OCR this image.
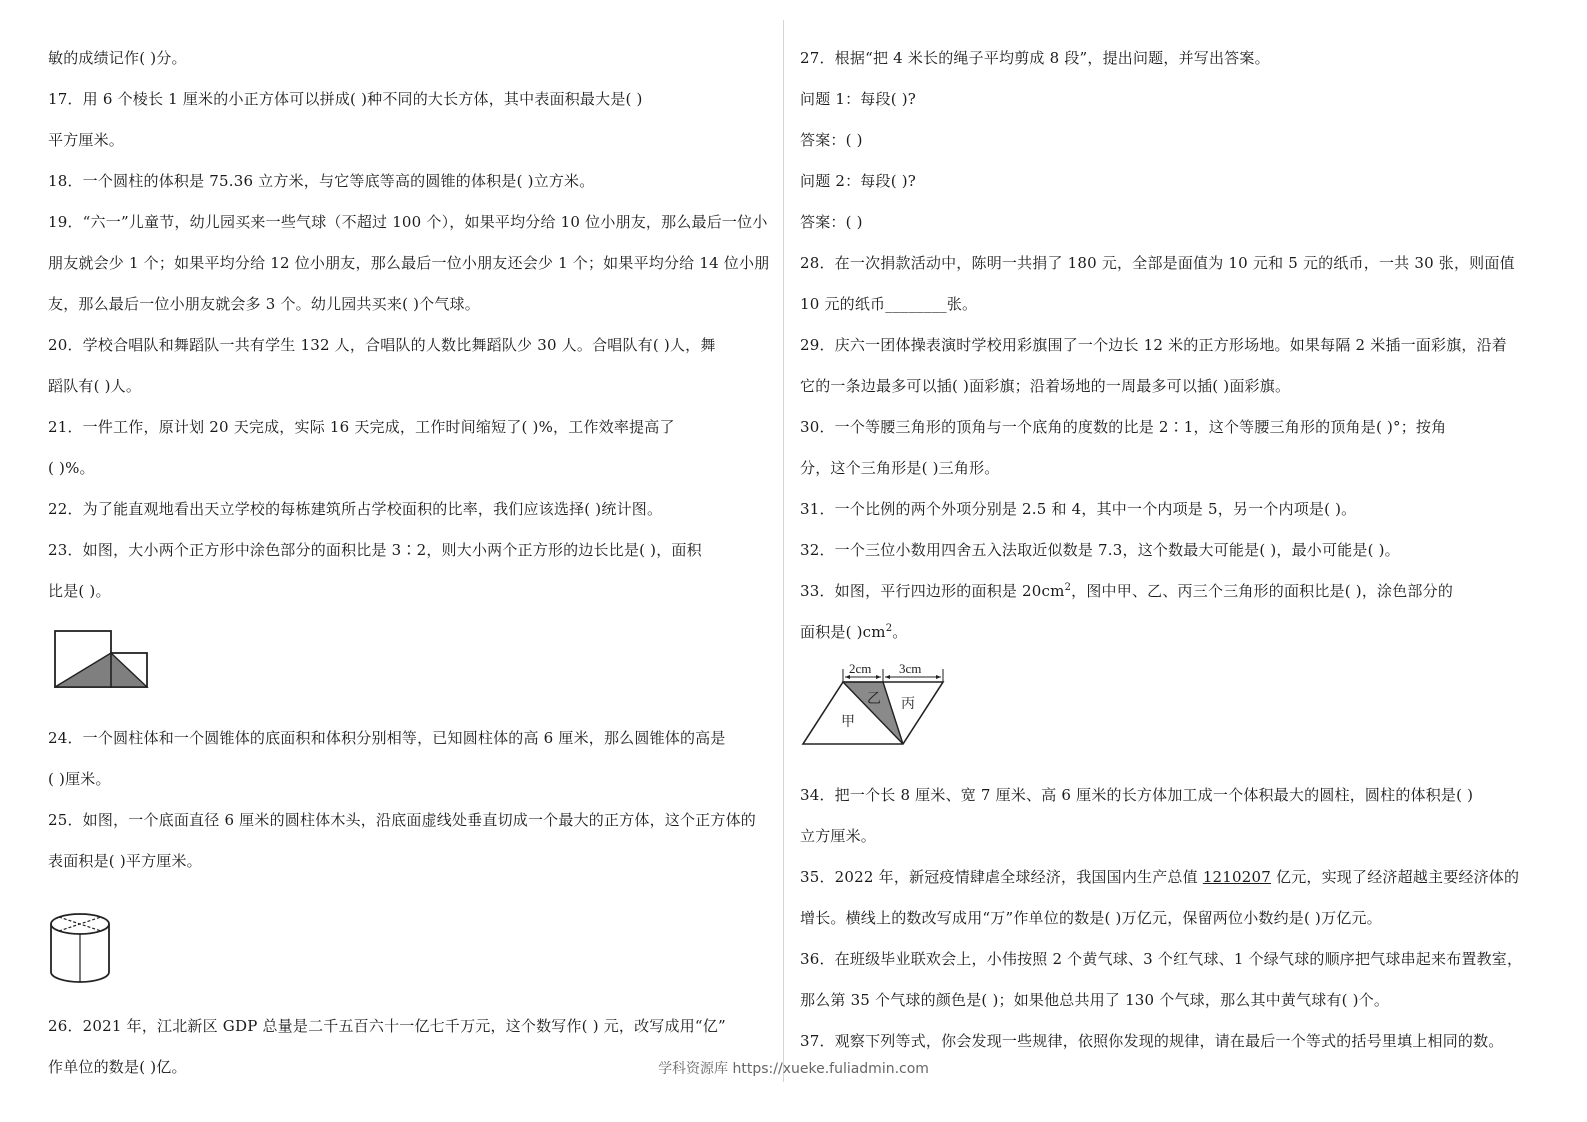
敏的成绩记作( )分。
17．用 6 个棱长 1 厘米的小正方体可以拼成( )种不同的大长方体，其中表面积最大是( )
平方厘米。
18．一个圆柱的体积是 75.36 立方米，与它等底等高的圆锥的体积是( )立方米。
19．“六一”儿童节，幼儿园买来一些气球（不超过 100 个），如果平均分给 10 位小朋友，那么最后一位小
朋友就会少 1 个；如果平均分给 12 位小朋友，那么最后一位小朋友还会少 1 个；如果平均分给 14 位小朋
友，那么最后一位小朋友就会多 3 个。幼儿园共买来( )个气球。
20．学校合唱队和舞蹈队一共有学生 132 人，合唱队的人数比舞蹈队少 30 人。合唱队有( )人，舞
蹈队有( )人。
21．一件工作，原计划 20 天完成，实际 16 天完成，工作时间缩短了( )%，工作效率提高了
( )%。
22．为了能直观地看出天立学校的每栋建筑所占学校面积的比率，我们应该选择( )统计图。
23．如图，大小两个正方形中涂色部分的面积比是 3∶2，则大小两个正方形的边长比是( )，面积
比是( )。
24．一个圆柱体和一个圆锥体的底面积和体积分别相等，已知圆柱体的高 6 厘米，那么圆锥体的高是
( )厘米。
25．如图，一个底面直径 6 厘米的圆柱体木头，沿底面虚线处垂直切成一个最大的正方体，这个正方体的
表面积是( )平方厘米。
26．2021 年，江北新区 GDP 总量是二千五百六十一亿七千万元，这个数写作( ) 元，改写成用“亿”
作单位的数是( )亿。
27．根据“把 4 米长的绳子平均剪成 8 段”，提出问题，并写出答案。
问题 1：每段( )?
答案：( )
问题 2：每段( )?
答案：( )
28．在一次捐款活动中，陈明一共捐了 180 元，全部是面值为 10 元和 5 元的纸币，一共 30 张，则面值
10 元的纸币________张。
29．庆六一团体操表演时学校用彩旗围了一个边长 12 米的正方形场地。如果每隔 2 米插一面彩旗，沿着
它的一条边最多可以插( )面彩旗；沿着场地的一周最多可以插( )面彩旗。
30．一个等腰三角形的顶角与一个底角的度数的比是 2∶1，这个等腰三角形的顶角是( )°；按角
分，这个三角形是( )三角形。
31．一个比例的两个外项分别是 2.5 和 4，其中一个内项是 5，另一个内项是( )。
32．一个三位小数用四舍五入法取近似数是 7.3，这个数最大可能是( )，最小可能是( )。
33．如图，平行四边形的面积是 $20cm^2$，图中甲、乙、丙三个三角形的面积比是( )，涂色部分的
面积是( )$cm^2$。
2cm 3cm
甲
乙 丙
34．把一个长 8 厘米、宽 7 厘米、高 6 厘米的长方体加工成一个体积最大的圆柱，圆柱的体积是( )
立方厘米。
35．2022 年，新冠疫情肆虐全球经济，我国国内生产总值 1210207 亿元，实现了经济超越主要经济体的
增长。横线上的数改写成用“万”作单位的数是( )万亿元，保留两位小数约是( )万亿元。
36．在班级毕业联欢会上，小伟按照 2 个黄气球、3 个红气球、1 个绿气球的顺序把气球串起来布置教室，
那么第 35 个气球的颜色是( )；如果他总共用了 130 个气球，那么其中黄气球有( )个。
37．观察下列等式，你会发现一些规律，依照你发现的规律，请在最后一个等式的括号里填上相同的数。
学科资源库 https://xueke.fuliadmin.com
